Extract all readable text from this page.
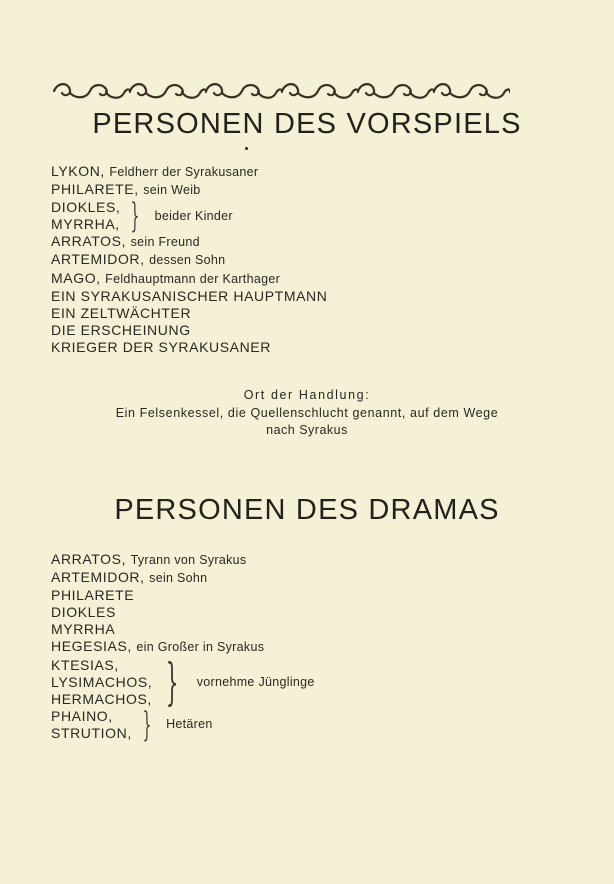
PERSONEN DES VORSPIELS
LYKON, Feldherr der Syrakusaner
PHILARETE, sein Weib
DIOKLES,
MYRRHA, } beider Kinder
ARRATOS, sein Freund
ARTEMIDOR, dessen Sohn
MAGO, Feldhauptmann der Karthager
EIN SYRAKUSANISCHER HAUPTMANN
EIN ZELTWÄCHTER
DIE ERSCHEINUNG
KRIEGER DER SYRAKUSANER

Ort der Handlung:

Ein Felsenkessel, die Quellenschlucht genannt, auf dem Wege

nach Syrakus

PERSONEN DES DRAMAS
ARRATOS, Tyrann von Syrakus
ARTEMIDOR, sein Sohn
PHILARETE
DIOKLES
MYRRHA
HEGESIAS, ein Großer in Syrakus
KTESIAS,
LYSIMACHOS,
HERMACHOS, } vornehme Jünglinge
PHAINO,
STRUTION, } Hetären
